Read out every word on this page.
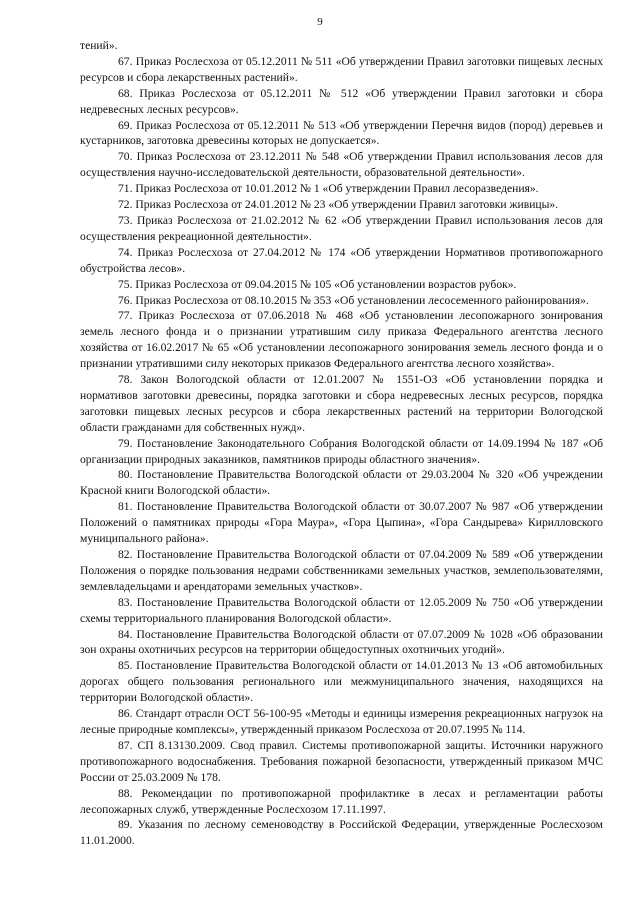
9

тений».

67. Приказ Рослесхоза от 05.12.2011 № 511 «Об утверждении Правил заготовки пищевых лесных ресурсов и сбора лекарственных растений».

68. Приказ Рослесхоза от 05.12.2011 № 512 «Об утверждении Правил заготовки и сбора недревесных лесных ресурсов».

69. Приказ Рослесхоза от 05.12.2011 № 513 «Об утверждении Перечня видов (пород) деревьев и кустарников, заготовка древесины которых не допускается».

70. Приказ Рослесхоза от 23.12.2011 № 548 «Об утверждении Правил использования лесов для осуществления научно-исследовательской деятельности, образовательной деятельности».

71. Приказ Рослесхоза от 10.01.2012 № 1 «Об утверждении Правил лесоразведения».

72. Приказ Рослесхоза от 24.01.2012 № 23 «Об утверждении Правил заготовки живицы».

73. Приказ Рослесхоза от 21.02.2012 № 62 «Об утверждении Правил использования лесов для осуществления рекреационной деятельности».

74. Приказ Рослесхоза от 27.04.2012 № 174 «Об утверждении Нормативов противопожарного обустройства лесов».

75. Приказ Рослесхоза от 09.04.2015 № 105 «Об установлении возрастов рубок».

76. Приказ Рослесхоза от 08.10.2015 № 353 «Об установлении лесосеменного районирования».

77. Приказ Рослесхоза от 07.06.2018 № 468 «Об установлении лесопожарного зонирования земель лесного фонда и о признании утратившим силу приказа Федерального агентства лесного хозяйства от 16.02.2017 № 65 «Об установлении лесопожарного зонирования земель лесного фонда и о признании утратившими силу некоторых приказов Федерального агентства лесного хозяйства».

78. Закон Вологодской области от 12.01.2007 № 1551-ОЗ «Об установлении порядка и нормативов заготовки древесины, порядка заготовки и сбора недревесных лесных ресурсов, порядка заготовки пищевых лесных ресурсов и сбора лекарственных растений на территории Вологодской области гражданами для собственных нужд».

79. Постановление Законодательного Собрания Вологодской области от 14.09.1994 № 187 «Об организации природных заказников, памятников природы областного значения».

80. Постановление Правительства Вологодской области от 29.03.2004 № 320 «Об учреждении Красной книги Вологодской области».

81. Постановление Правительства Вологодской области от 30.07.2007 № 987 «Об утверждении Положений о памятниках природы «Гора Маура», «Гора Цыпина», «Гора Сандырева» Кирилловского муниципального района».

82. Постановление Правительства Вологодской области от 07.04.2009 № 589 «Об утверждении Положения о порядке пользования недрами собственниками земельных участков, землепользователями, землевладельцами и арендаторами земельных участков».

83. Постановление Правительства Вологодской области от 12.05.2009 № 750 «Об утверждении схемы территориального планирования Вологодской области».

84. Постановление Правительства Вологодской области от 07.07.2009 № 1028 «Об образовании зон охраны охотничьих ресурсов на территории общедоступных охотничьих угодий».

85. Постановление Правительства Вологодской области от 14.01.2013 № 13 «Об автомобильных дорогах общего пользования регионального или межмуниципального значения, находящихся на территории Вологодской области».

86. Стандарт отрасли ОСТ 56-100-95 «Методы и единицы измерения рекреационных нагрузок на лесные природные комплексы», утвержденный приказом Рослесхоза от 20.07.1995 № 114.

87. СП 8.13130.2009. Свод правил. Системы противопожарной защиты. Источники наружного противопожарного водоснабжения. Требования пожарной безопасности, утвержденный приказом МЧС России от 25.03.2009 № 178.

88. Рекомендации по противопожарной профилактике в лесах и регламентации работы лесопожарных служб, утвержденные Рослесхозом 17.11.1997.

89. Указания по лесному семеноводству в Российской Федерации, утвержденные Рослесхозом 11.01.2000.
